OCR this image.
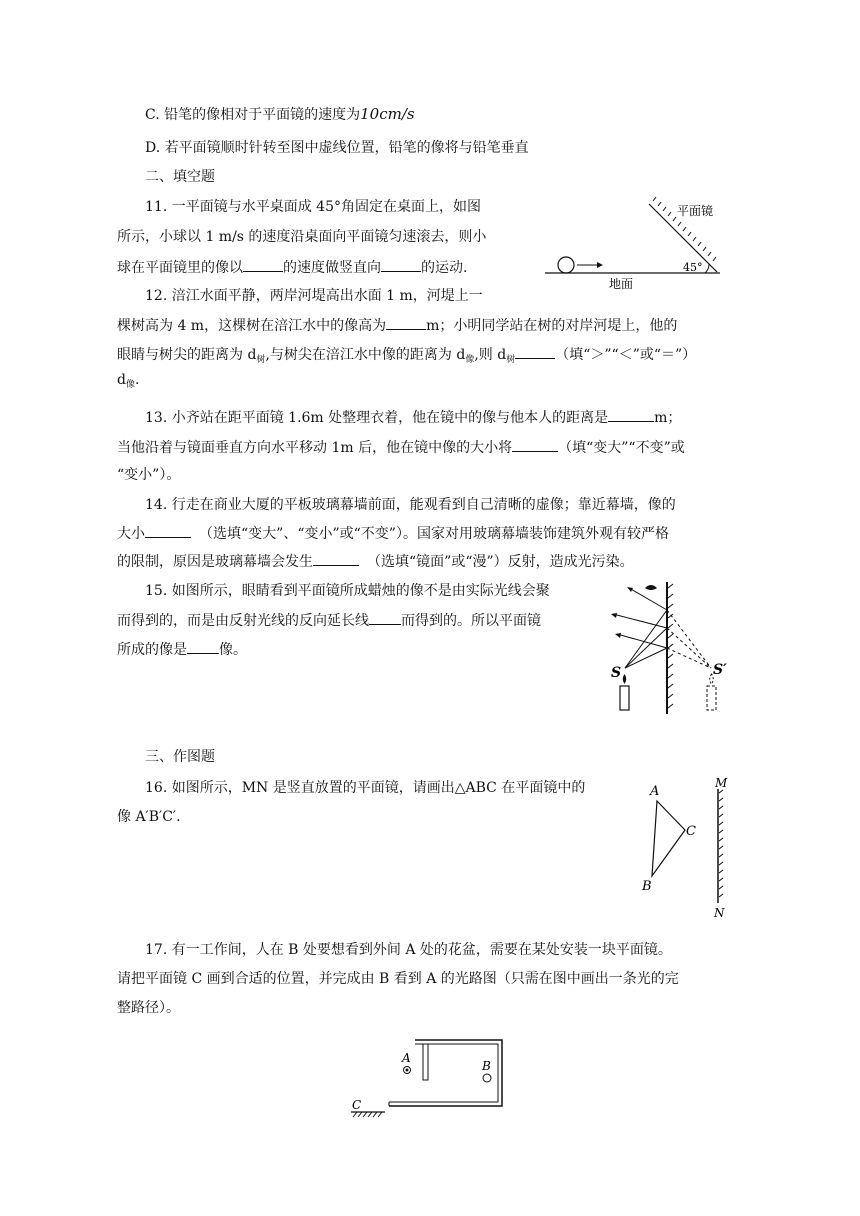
C. 铅笔的像相对于平面镜的速度为10cm/s
D. 若平面镜顺时针转至图中虚线位置，铅笔的像将与铅笔垂直
二、填空题
11. 一平面镜与水平桌面成 45°角固定在桌面上，如图
所示，小球以 1 m/s 的速度沿桌面向平面镜匀速滚去，则小
球在平面镜里的像以	的速度做竖直向	的运动.
平面镜
45°
地面
12. 涪江水面平静，两岸河堤高出水面 1 m，河堤上一
棵树高为 4 m，这棵树在涪江水中的像高为	m；小明同学站在树的对岸河堤上，他的
眼睛与树尖的距离为 $d_树$,与树尖在涪江水中像的距离为 $d_像$,则 $d_树$	（填“＞”“＜”或“＝”）
$d_像$.
13. 小齐站在距平面镜 1.6m 处整理衣着，他在镜中的像与他本人的距离是	m；
当他沿着与镜面垂直方向水平移动 1m 后，他在镜中像的大小将	（填“变大”“不变”或
“变小”）。
14. 行走在商业大厦的平板玻璃幕墙前面，能观看到自己清晰的虚像；靠近幕墙，像的
大小	（选填“变大”、“变小”或“不变”）。国家对用玻璃幕墙装饰建筑外观有较严格
的限制，原因是玻璃幕墙会发生	（选填“镜面”或“漫”）反射，造成光污染。
15. 如图所示，眼睛看到平面镜所成蜡烛的像不是由实际光线会聚
而得到的，而是由反射光线的反向延长线 而得到的。所以平面镜
所成的像是 像。
S	S′
三、作图题
16. 如图所示，MN 是竖直放置的平面镜，请画出△ABC 在平面镜中的
像 A′B′C′.
A
C
B
M
N
17. 有一工作间，人在 B 处要想看到外间 A 处的花盆，需要在某处安装一块平面镜。
请把平面镜 C 画到合适的位置，并完成由 B 看到 A 的光路图（只需在图中画出一条光的完
整路径）。
A
B
C
